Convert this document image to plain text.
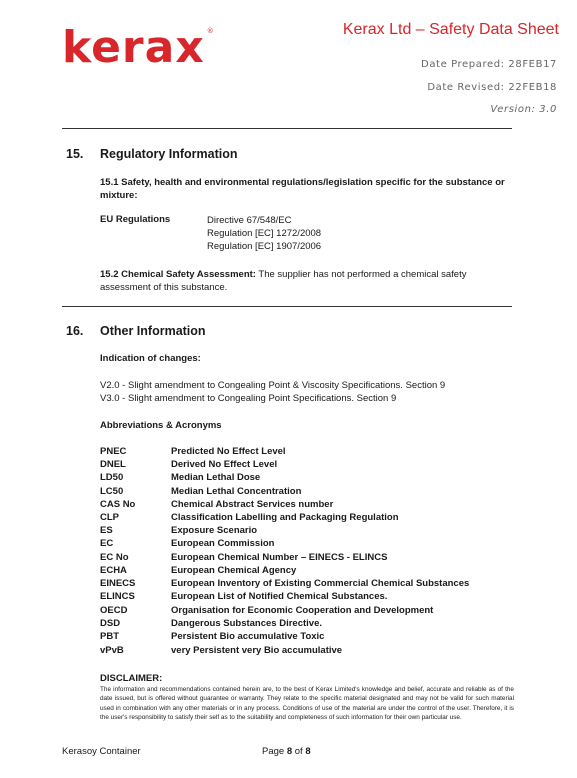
kerax ®	Kerax Ltd – Safety Data Sheet
Date Prepared: 28FEB17
Date Revised: 22FEB18
Version: 3.0
15. Regulatory Information
15.1 Safety, health and environmental regulations/legislation specific for the substance or mixture:
EU Regulations	Directive 67/548/EC
Regulation [EC] 1272/2008
Regulation [EC] 1907/2006
15.2 Chemical Safety Assessment: The supplier has not performed a chemical safety assessment of this substance.
16. Other Information
Indication of changes:
V2.0 - Slight amendment to Congealing Point & Viscosity Specifications. Section 9
V3.0 - Slight amendment to Congealing Point Specifications. Section 9
Abbreviations & Acronyms
PNEC	Predicted No Effect Level
DNEL	Derived No Effect Level
LD50	Median Lethal Dose
LC50	Median Lethal Concentration
CAS No	Chemical Abstract Services number
CLP	Classification Labelling and Packaging Regulation
ES	Exposure Scenario
EC	European Commission
EC No	European Chemical Number – EINECS - ELINCS
ECHA	European Chemical Agency
EINECS	European Inventory of Existing Commercial Chemical Substances
ELINCS	European List of Notified Chemical Substances.
OECD	Organisation for Economic Cooperation and Development
DSD	Dangerous Substances Directive.
PBT	Persistent Bio accumulative Toxic
vPvB	very Persistent very Bio accumulative
DISCLAIMER:
The information and recommendations contained herein are, to the best of Kerax Limited's knowledge and belief, accurate and reliable as of the date issued, but is offered without guarantee or warranty. They relate to the specific material designated and may not be valid for such material used in combination with any other materials or in any process. Conditions of use of the material are under the control of the user. Therefore, it is the user's responsibility to satisfy their self as to the suitability and completeness of such information for their own particular use.
Kerasoy Container	Page 8 of 8
